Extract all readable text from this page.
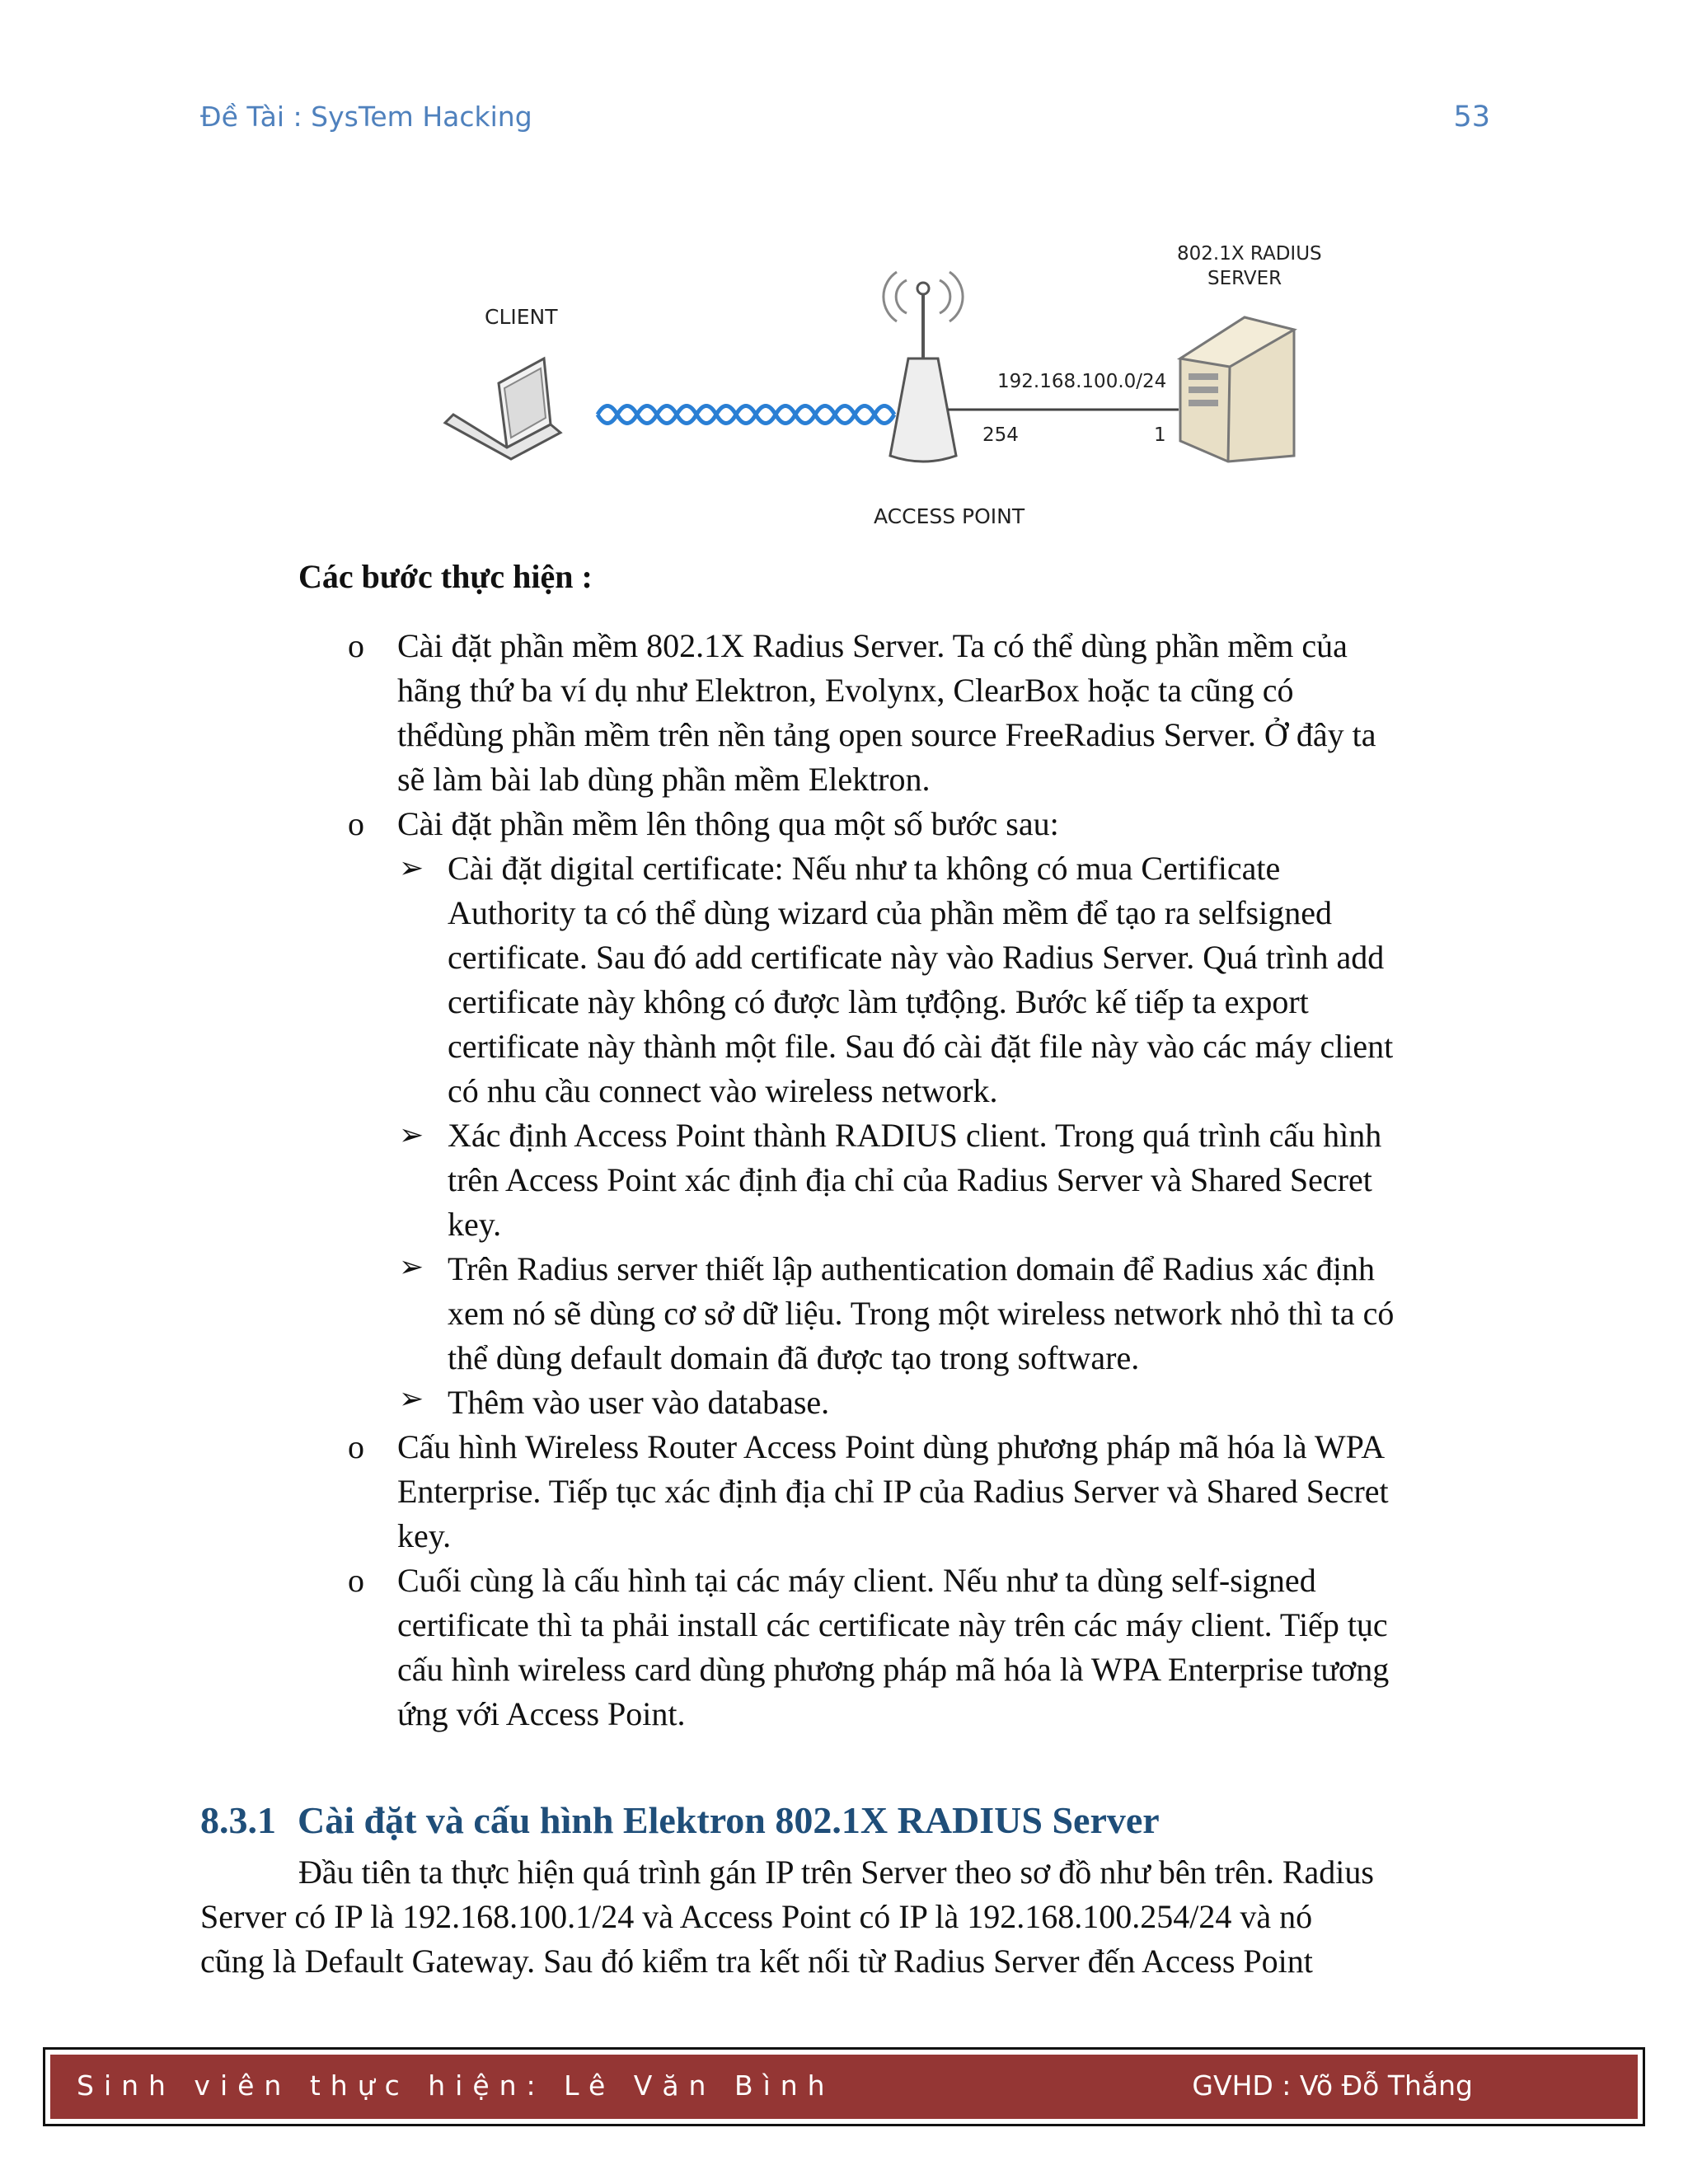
Đề Tài : SysTem Hacking	53
CLIENT
ACCESS POINT
192.168.100.0/24
254	1
802.1X RADIUS
SERVER
Các bước thực hiện :
o
o
➢
➢
➢
➢
o
o
Cài đặt phần mềm 802.1X Radius Server. Ta có thể dùng phần mềm của
hãng thứ ba ví dụ như Elektron, Evolynx, ClearBox hoặc ta cũng có
thểdùng phần mềm trên nền tảng open source FreeRadius Server. Ở đây ta
sẽ làm bài lab dùng phần mềm Elektron.
Cài đặt phần mềm lên thông qua một số bước sau:
Cài đặt digital certificate: Nếu như ta không có mua Certificate
Authority ta có thể dùng wizard của phần mềm để tạo ra selfsigned
certificate. Sau đó add certificate này vào Radius Server. Quá trình add
certificate này không có được làm tựđộng. Bước kế tiếp ta export
certificate này thành một file. Sau đó cài đặt file này vào các máy client
có nhu cầu connect vào wireless network.
Xác định Access Point thành RADIUS client. Trong quá trình cấu hình
trên Access Point xác định địa chỉ của Radius Server và Shared Secret
key.
Trên Radius server thiết lập authentication domain để Radius xác định
xem nó sẽ dùng cơ sở dữ liệu. Trong một wireless network nhỏ thì ta có
thể dùng default domain đã được tạo trong software.
Thêm vào user vào database.
Cấu hình Wireless Router Access Point dùng phương pháp mã hóa là WPA
Enterprise. Tiếp tục xác định địa chỉ IP của Radius Server và Shared Secret
key.
Cuối cùng là cấu hình tại các máy client. Nếu như ta dùng self-signed
certificate thì ta phải install các certificate này trên các máy client. Tiếp tục
cấu hình wireless card dùng phương pháp mã hóa là WPA Enterprise tương
ứng với Access Point.
8.3.1 Cài đặt và cấu hình Elektron 802.1X RADIUS Server
Đầu tiên ta thực hiện quá trình gán IP trên Server theo sơ đồ như bên trên. Radius
Server có IP là 192.168.100.1/24 và Access Point có IP là 192.168.100.254/24 và nó
cũng là Default Gateway. Sau đó kiểm tra kết nối từ Radius Server đến Access Point
Sinh viên thực hiện: Lê Văn Bình	GVHD : Võ Đỗ Thắng
